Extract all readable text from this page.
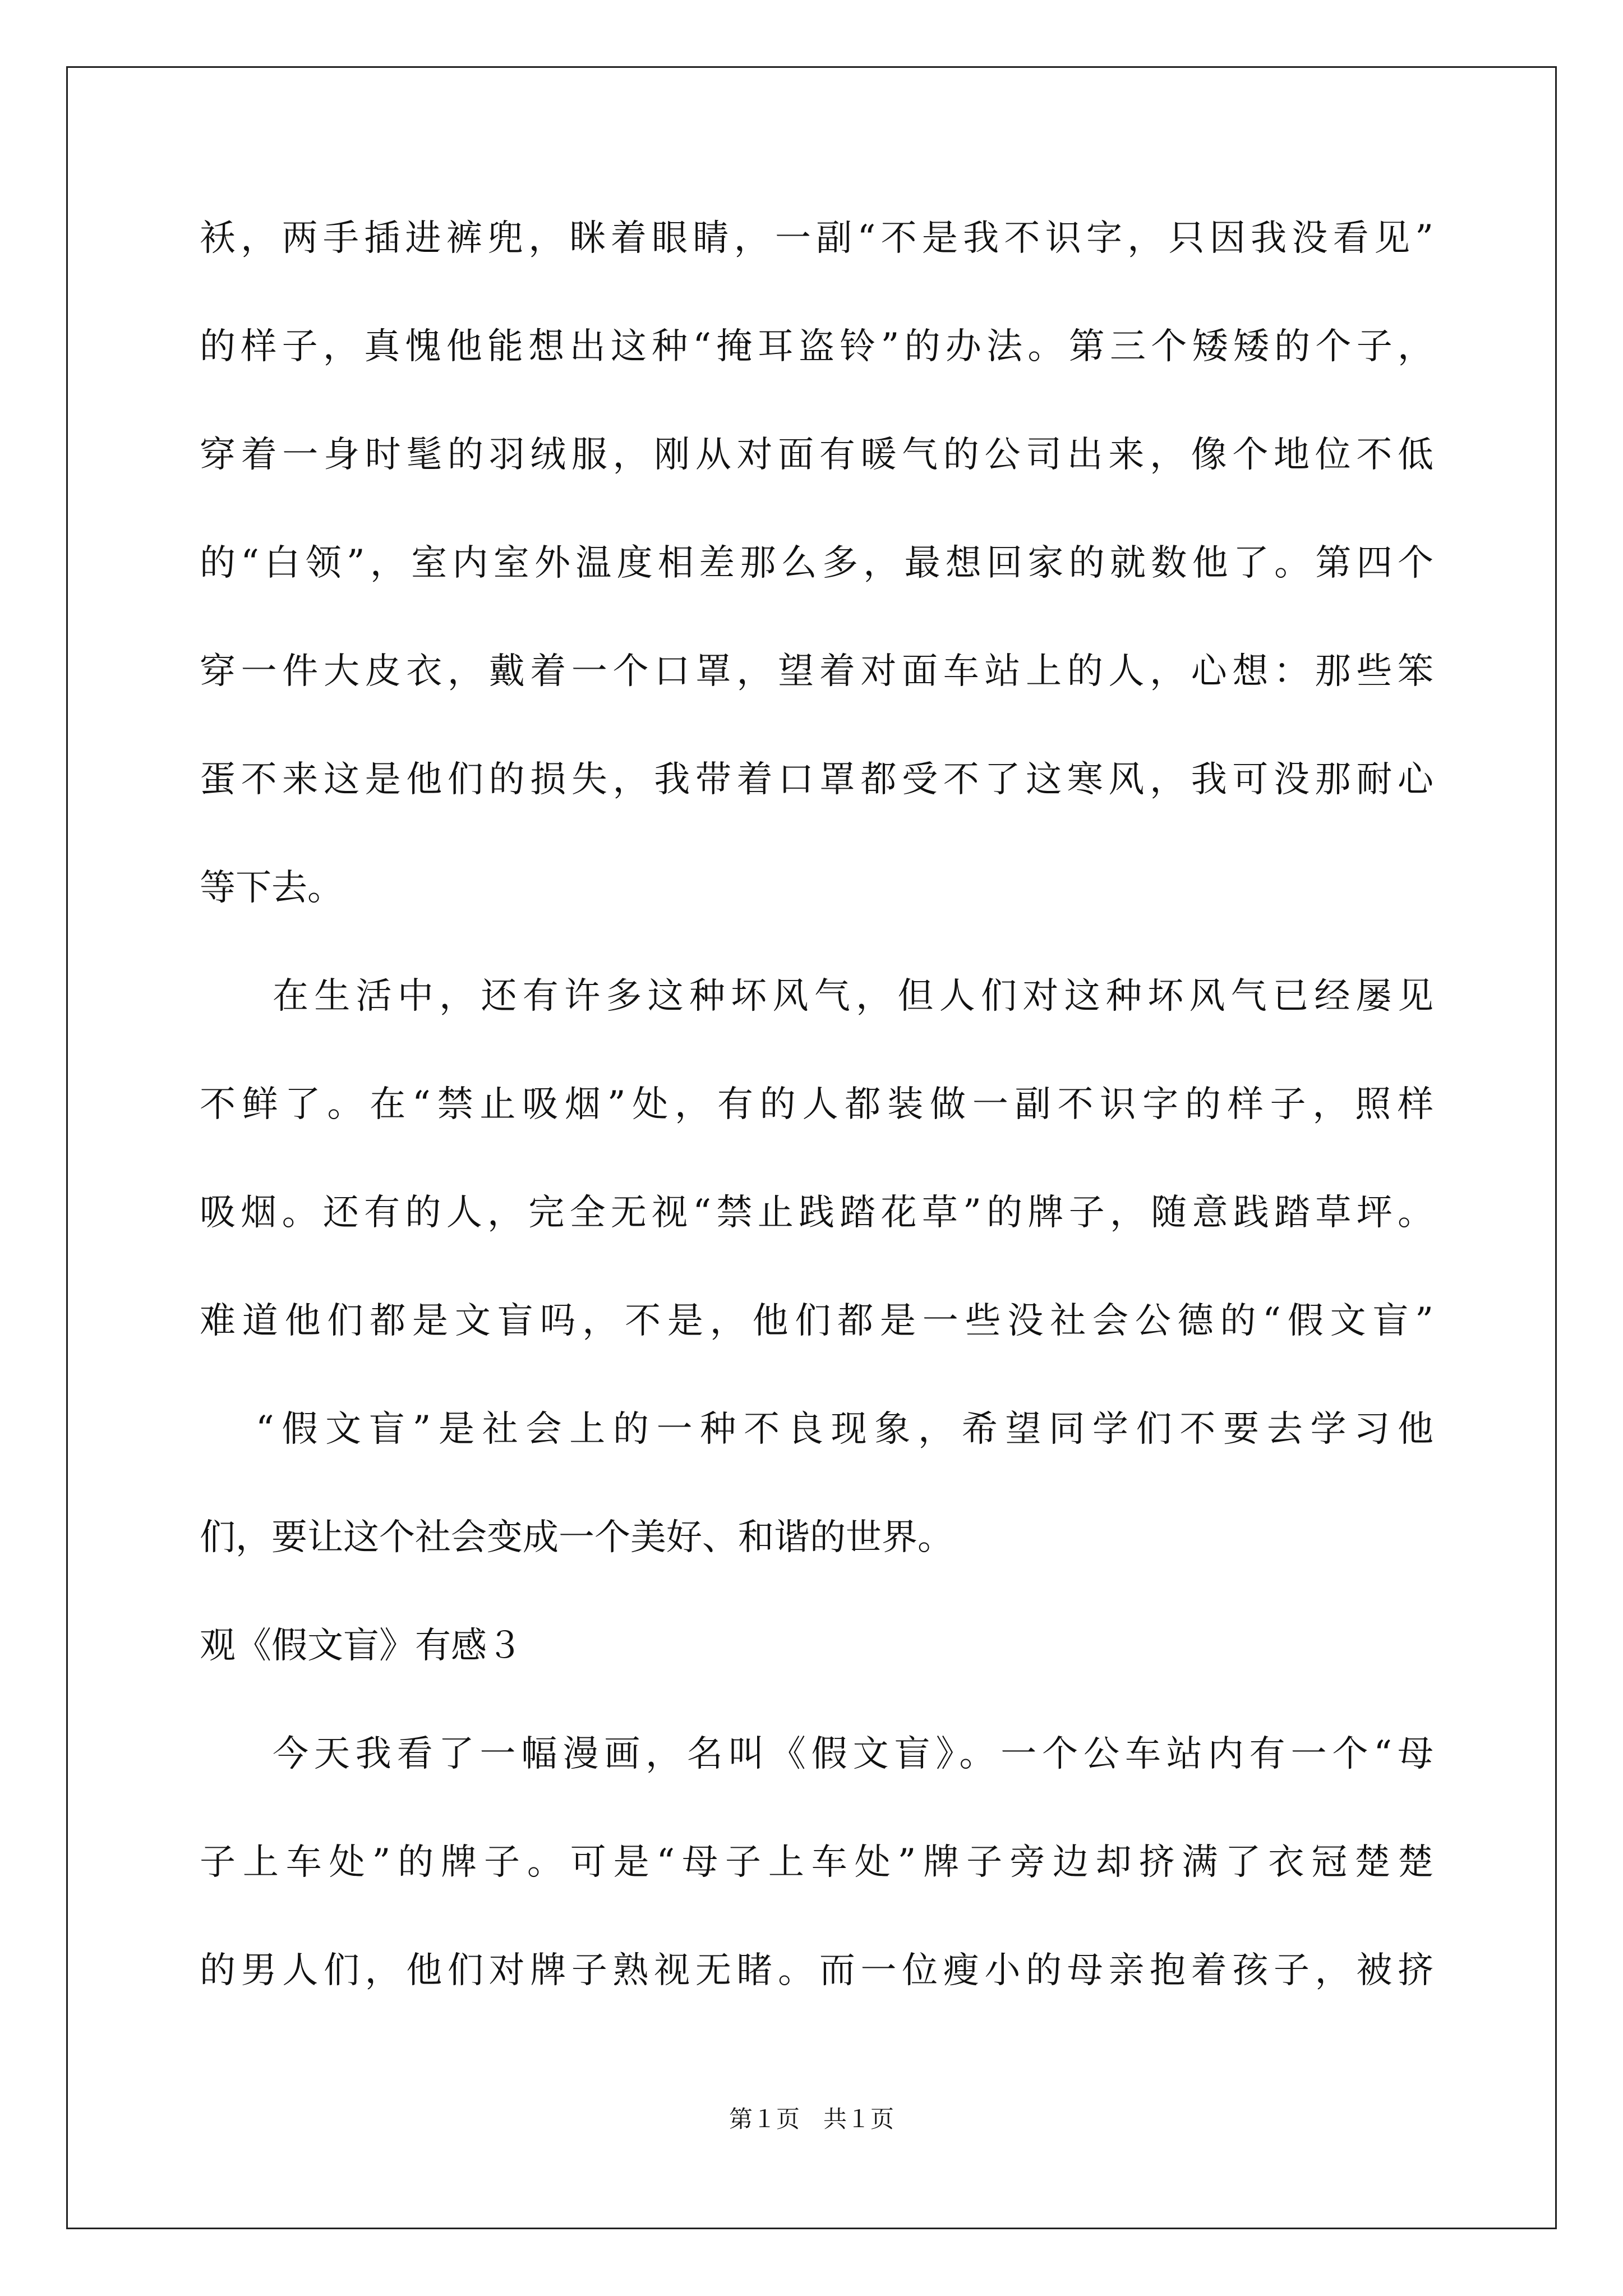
袄，两手插进裤兜，眯着眼睛，一副“不是我不识字，只因我没看见”
的样子，真愧他能想出这种“掩耳盗铃”的办法。第三个矮矮的个子，
穿着一身时髦的羽绒服，刚从对面有暖气的公司出来，像个地位不低
的“白领”，室内室外温度相差那么多，最想回家的就数他了。第四个
穿一件大皮衣，戴着一个口罩，望着对面车站上的人，心想：那些笨
蛋不来这是他们的损失，我带着口罩都受不了这寒风，我可没那耐心
等下去。
在生活中，还有许多这种坏风气，但人们对这种坏风气已经屡见
不鲜了。在“禁止吸烟”处，有的人都装做一副不识字的样子，照样
吸烟。还有的人，完全无视“禁止践踏花草”的牌子，随意践踏草坪。
难道他们都是文盲吗，不是，他们都是一些没社会公德的“假文盲”
“假文盲”是社会上的一种不良现象，希望同学们不要去学习他
们，要让这个社会变成一个美好、和谐的世界。
观《假文盲》有感３
今天我看了一幅漫画，名叫《假文盲》。一个公车站内有一个“母
子上车处”的牌子。可是“母子上车处”牌子旁边却挤满了衣冠楚楚
的男人们，他们对牌子熟视无睹。而一位瘦小的母亲抱着孩子，被挤
第１页　共１页
